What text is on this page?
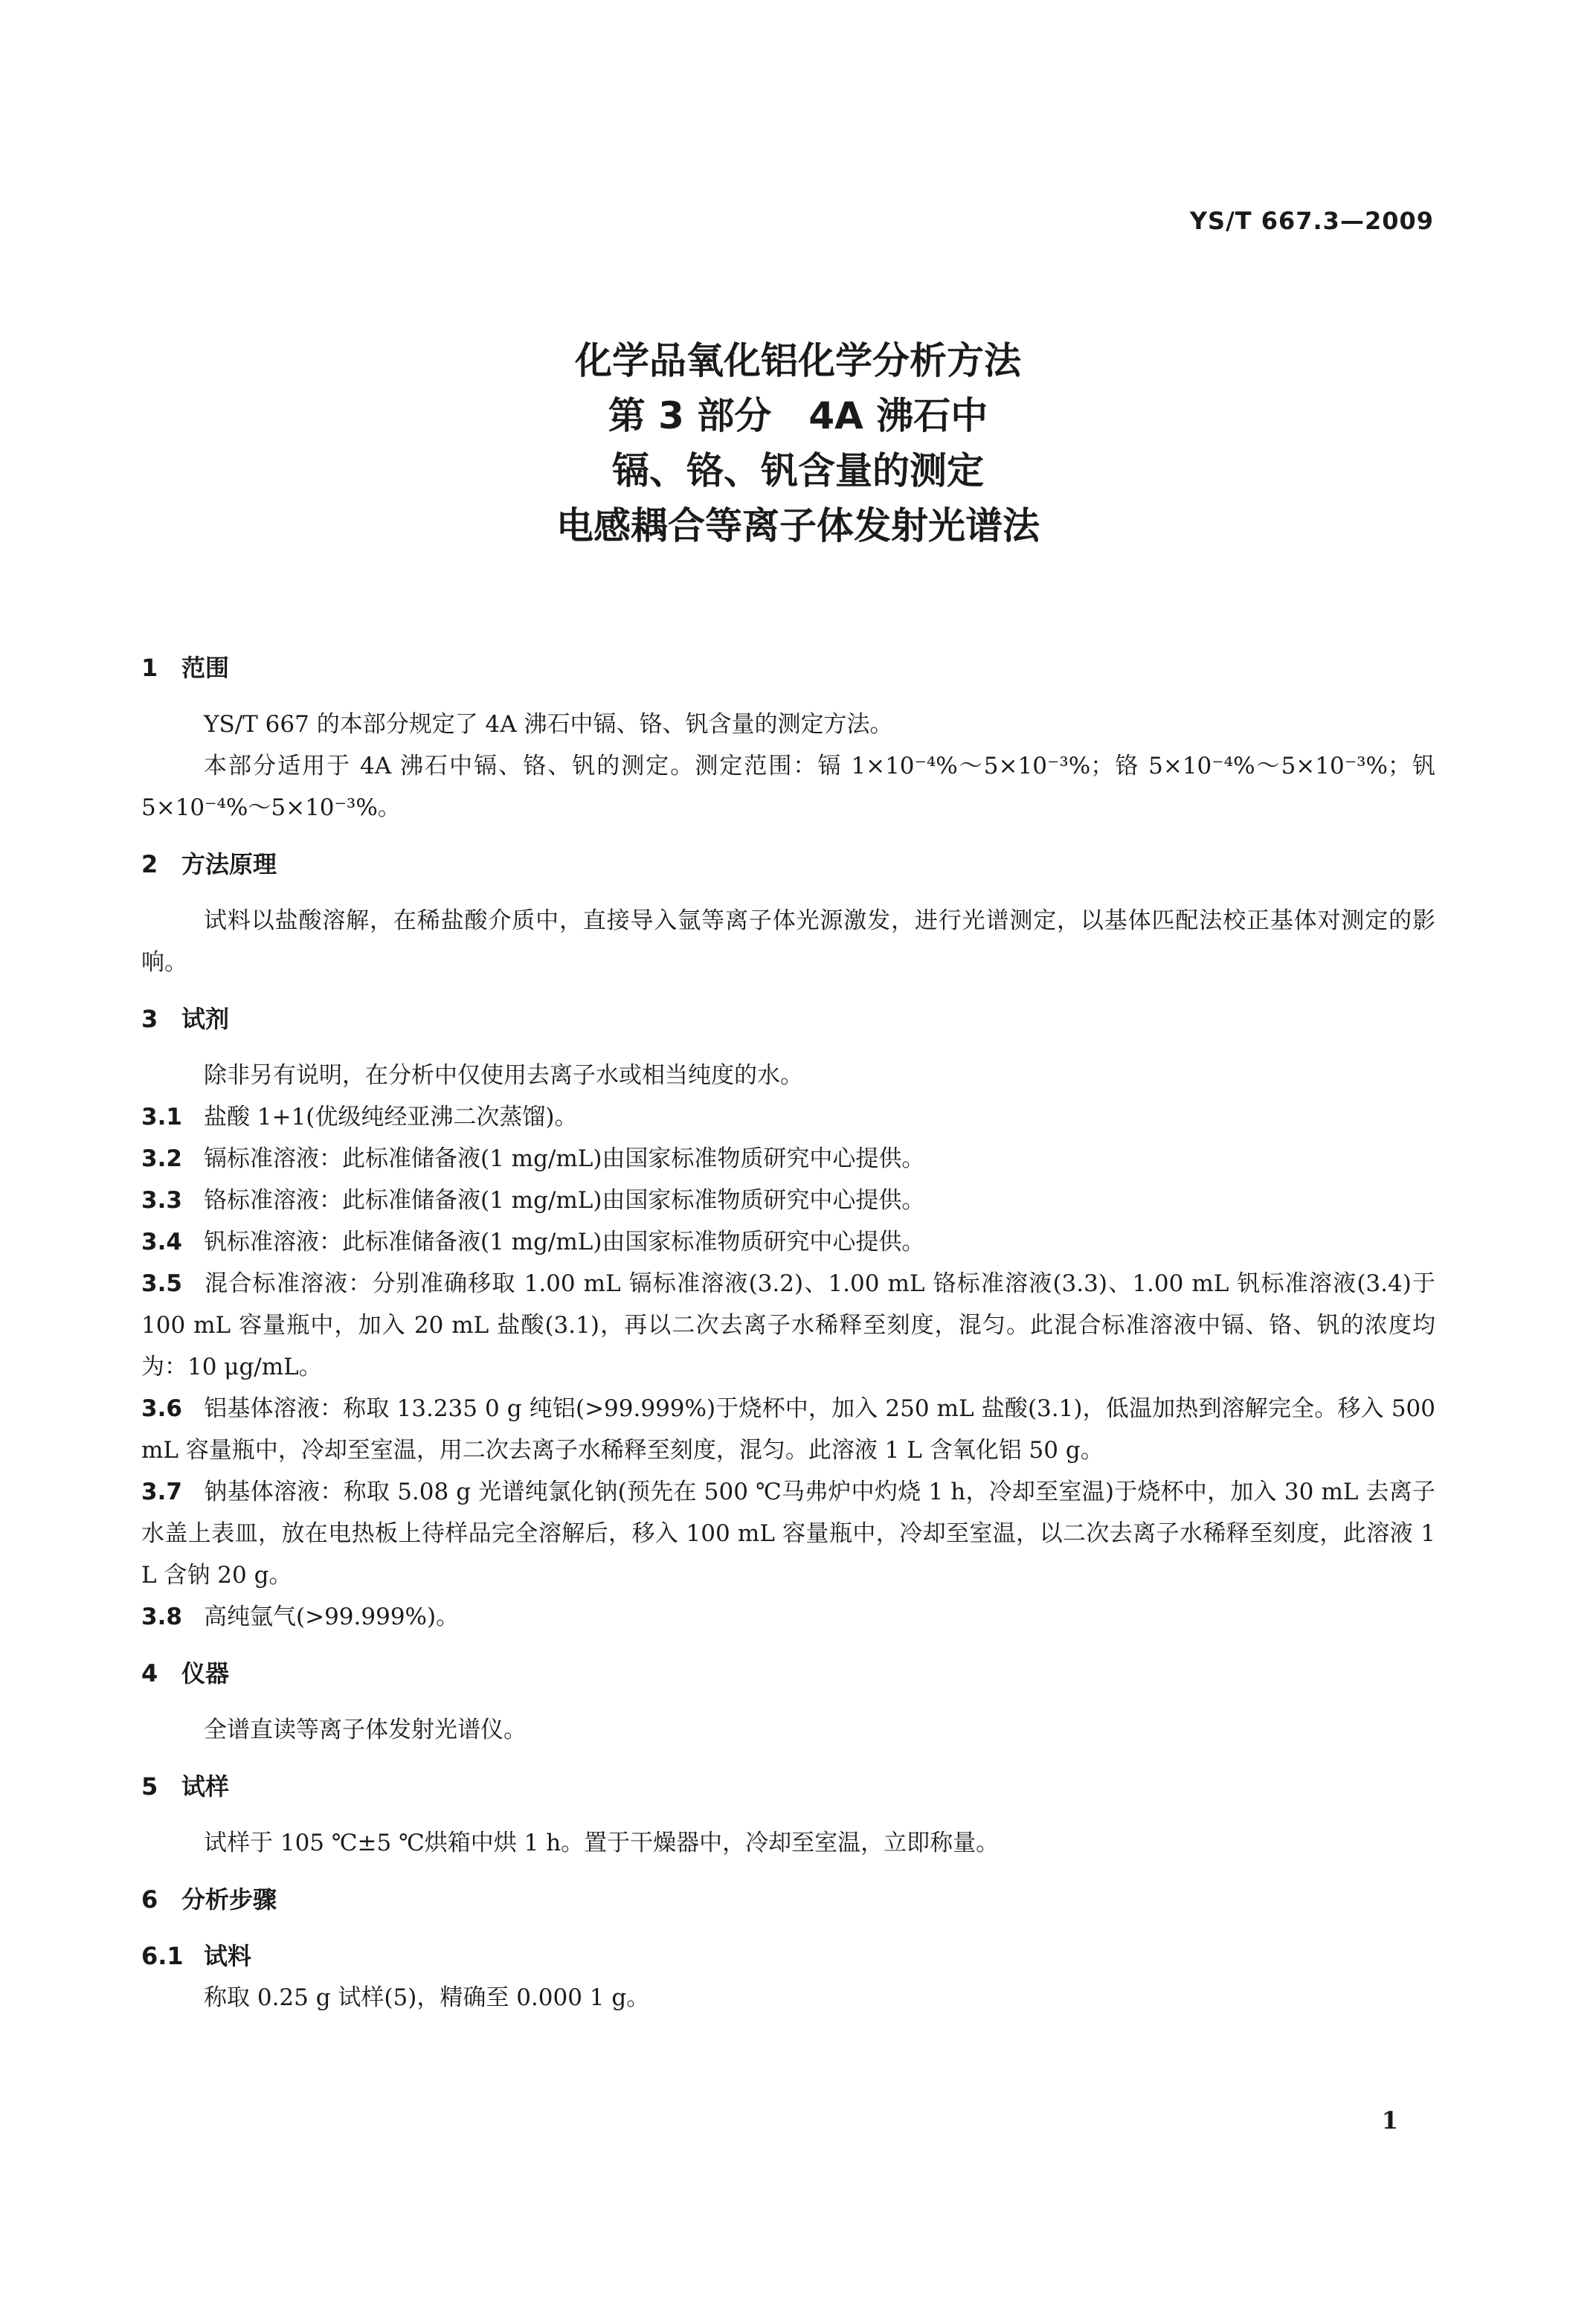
YS/T 667.3—2009
化学品氧化铝化学分析方法
第 3 部分　4A 沸石中
镉、铬、钒含量的测定
电感耦合等离子体发射光谱法

1 范围

YS/T 667 的本部分规定了 4A 沸石中镉、铬、钒含量的测定方法。

本部分适用于 4A 沸石中镉、铬、钒的测定。测定范围：镉 1×10⁻⁴%～5×10⁻³%；铬 5×10⁻⁴%～5×10⁻³%；钒 5×10⁻⁴%～5×10⁻³%。

2 方法原理

试料以盐酸溶解，在稀盐酸介质中，直接导入氩等离子体光源激发，进行光谱测定，以基体匹配法校正基体对测定的影响。

3 试剂

除非另有说明，在分析中仅使用去离子水或相当纯度的水。

3.1 盐酸 1+1(优级纯经亚沸二次蒸馏)。

3.2 镉标准溶液：此标准储备液(1 mg/mL)由国家标准物质研究中心提供。

3.3 铬标准溶液：此标准储备液(1 mg/mL)由国家标准物质研究中心提供。

3.4 钒标准溶液：此标准储备液(1 mg/mL)由国家标准物质研究中心提供。

3.5 混合标准溶液：分别准确移取 1.00 mL 镉标准溶液(3.2)、1.00 mL 铬标准溶液(3.3)、1.00 mL 钒标准溶液(3.4)于 100 mL 容量瓶中，加入 20 mL 盐酸(3.1)，再以二次去离子水稀释至刻度，混匀。此混合标准溶液中镉、铬、钒的浓度均为：10 μg/mL。

3.6 铝基体溶液：称取 13.235 0 g 纯铝(>99.999%)于烧杯中，加入 250 mL 盐酸(3.1)，低温加热到溶解完全。移入 500 mL 容量瓶中，冷却至室温，用二次去离子水稀释至刻度，混匀。此溶液 1 L 含氧化铝 50 g。

3.7 钠基体溶液：称取 5.08 g 光谱纯氯化钠(预先在 500 ℃马弗炉中灼烧 1 h，冷却至室温)于烧杯中，加入 30 mL 去离子水盖上表皿，放在电热板上待样品完全溶解后，移入 100 mL 容量瓶中，冷却至室温，以二次去离子水稀释至刻度，此溶液 1 L 含钠 20 g。

3.8 高纯氩气(>99.999%)。

4 仪器

全谱直读等离子体发射光谱仪。

5 试样

试样于 105 ℃±5 ℃烘箱中烘 1 h。置于干燥器中，冷却至室温，立即称量。

6 分析步骤

6.1 试料

称取 0.25 g 试样(5)，精确至 0.000 1 g。

1
